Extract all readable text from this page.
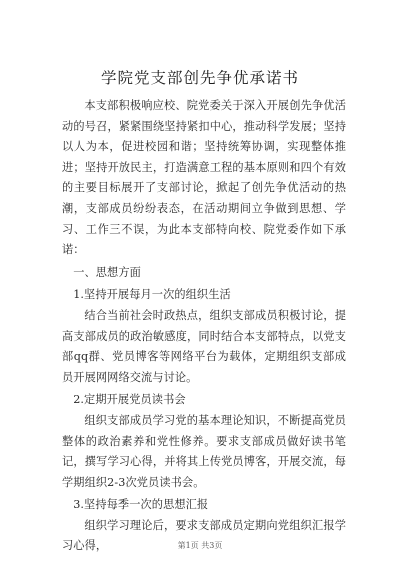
学院党支部创先争优承诺书

本支部积极响应校、院党委关于深入开展创先争优活动的号召，紧紧围绕坚持紧扣中心，推动科学发展；坚持以人为本，促进校园和谐；坚持统筹协调，实现整体推进；坚持开放民主，打造满意工程的基本原则和四个有效的主要目标展开了支部讨论，掀起了创先争优活动的热潮，支部成员纷纷表态，在活动期间立争做到思想、学习、工作三不误，为此本支部特向校、院党委作如下承诺：

一、思想方面

1.坚持开展每月一次的组织生活

结合当前社会时政热点，组织支部成员积极讨论，提高支部成员的政治敏感度，同时结合本支部特点，以党支部qq群、党员博客等网络平台为载体，定期组织支部成员开展网网络交流与讨论。

2.定期开展党员读书会

组织支部成员学习党的基本理论知识，不断提高党员整体的政治素养和党性修养。要求支部成员做好读书笔记，撰写学习心得，并将其上传党员博客，开展交流，每学期组织2-3次党员读书会。

3.坚持每季一次的思想汇报

组织学习理论后，要求支部成员定期向党组织汇报学习心得，	第1页 共3页
